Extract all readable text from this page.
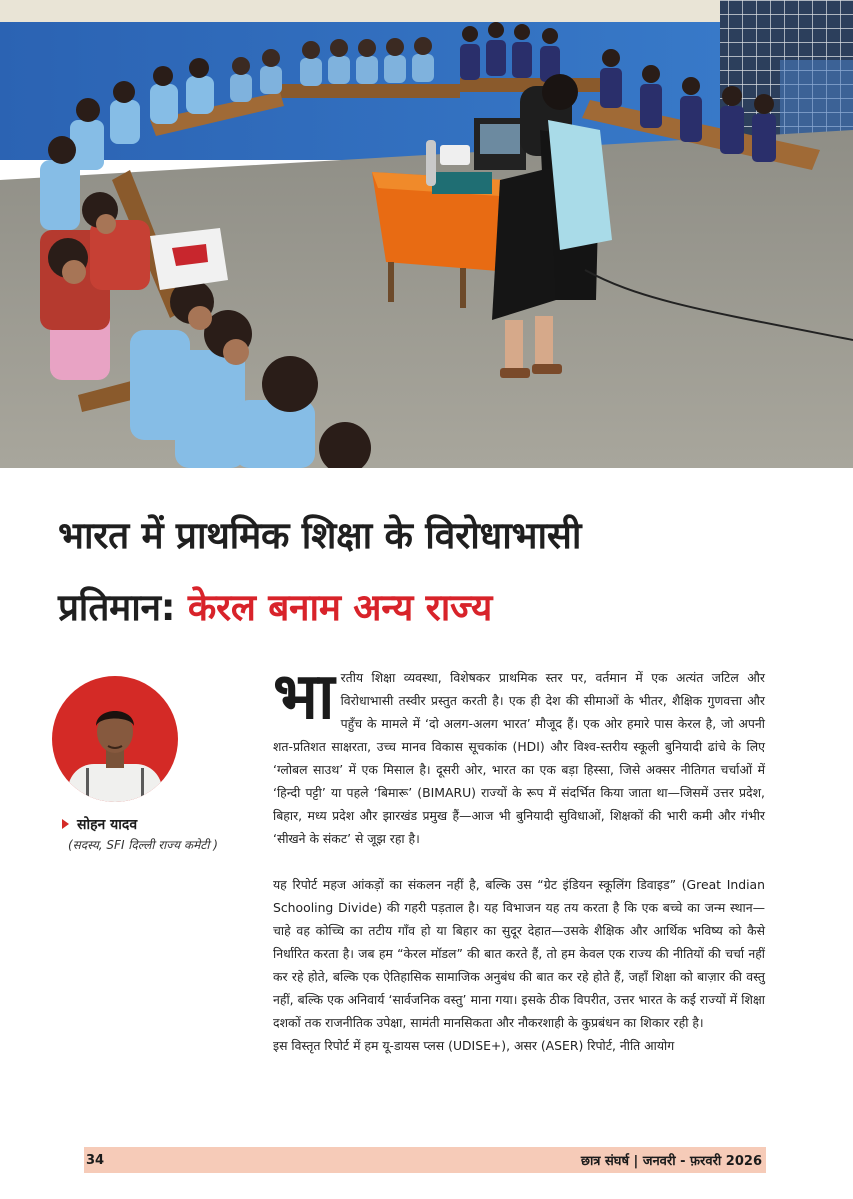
भारत में प्राथमिक शिक्षा के विरोधाभासी
प्रतिमान: केरल बनाम अन्य राज्य
सोहन यादव
(सदस्य, SFI दिल्ली राज्य कमेटी )

भारतीय शिक्षा व्यवस्था, विशेषकर प्राथमिक स्तर पर, वर्तमान में एक अत्यंत जटिल और विरोधाभासी तस्वीर प्रस्तुत करती है। एक ही देश की सीमाओं के भीतर, शैक्षिक गुणवत्ता और पहुँच के मामले में ‘दो अलग-अलग भारत’ मौजूद हैं। एक ओर हमारे पास केरल है, जो अपनी शत-प्रतिशत साक्षरता, उच्च मानव विकास सूचकांक (HDI) और विश्व-स्तरीय स्कूली बुनियादी ढांचे के लिए ‘ग्लोबल साउथ’ में एक मिसाल है। दूसरी ओर, भारत का एक बड़ा हिस्सा, जिसे अक्सर नीतिगत चर्चाओं में ‘हिन्दी पट्टी’ या पहले ‘बिमारू’ (BIMARU) राज्यों के रूप में संदर्भित किया जाता था—जिसमें उत्तर प्रदेश, बिहार, मध्य प्रदेश और झारखंड प्रमुख हैं—आज भी बुनियादी सुविधाओं, शिक्षकों की भारी कमी और गंभीर ‘सीखने के संकट’ से जूझ रहा है।

यह रिपोर्ट महज आंकड़ों का संकलन नहीं है, बल्कि उस “ग्रेट इंडियन स्कूलिंग डिवाइड” (Great Indian Schooling Divide) की गहरी पड़ताल है। यह विभाजन यह तय करता है कि एक बच्चे का जन्म स्थान—चाहे वह कोच्चि का तटीय गाँव हो या बिहार का सुदूर देहात—उसके शैक्षिक और आर्थिक भविष्य को कैसे निर्धारित करता है। जब हम “केरल मॉडल” की बात करते हैं, तो हम केवल एक राज्य की नीतियों की चर्चा नहीं कर रहे होते, बल्कि एक ऐतिहासिक सामाजिक अनुबंध की बात कर रहे होते हैं, जहाँ शिक्षा को बाज़ार की वस्तु नहीं, बल्कि एक अनिवार्य ‘सार्वजनिक वस्तु’ माना गया। इसके ठीक विपरीत, उत्तर भारत के कई राज्यों में शिक्षा दशकों तक राजनीतिक उपेक्षा, सामंती मानसिकता और नौकरशाही के कुप्रबंधन का शिकार रही है।

इस विस्तृत रिपोर्ट में हम यू-डायस प्लस (UDISE+), असर (ASER) रिपोर्ट, नीति आयोग

34	छात्र संघर्ष | जनवरी - फ़रवरी 2026
